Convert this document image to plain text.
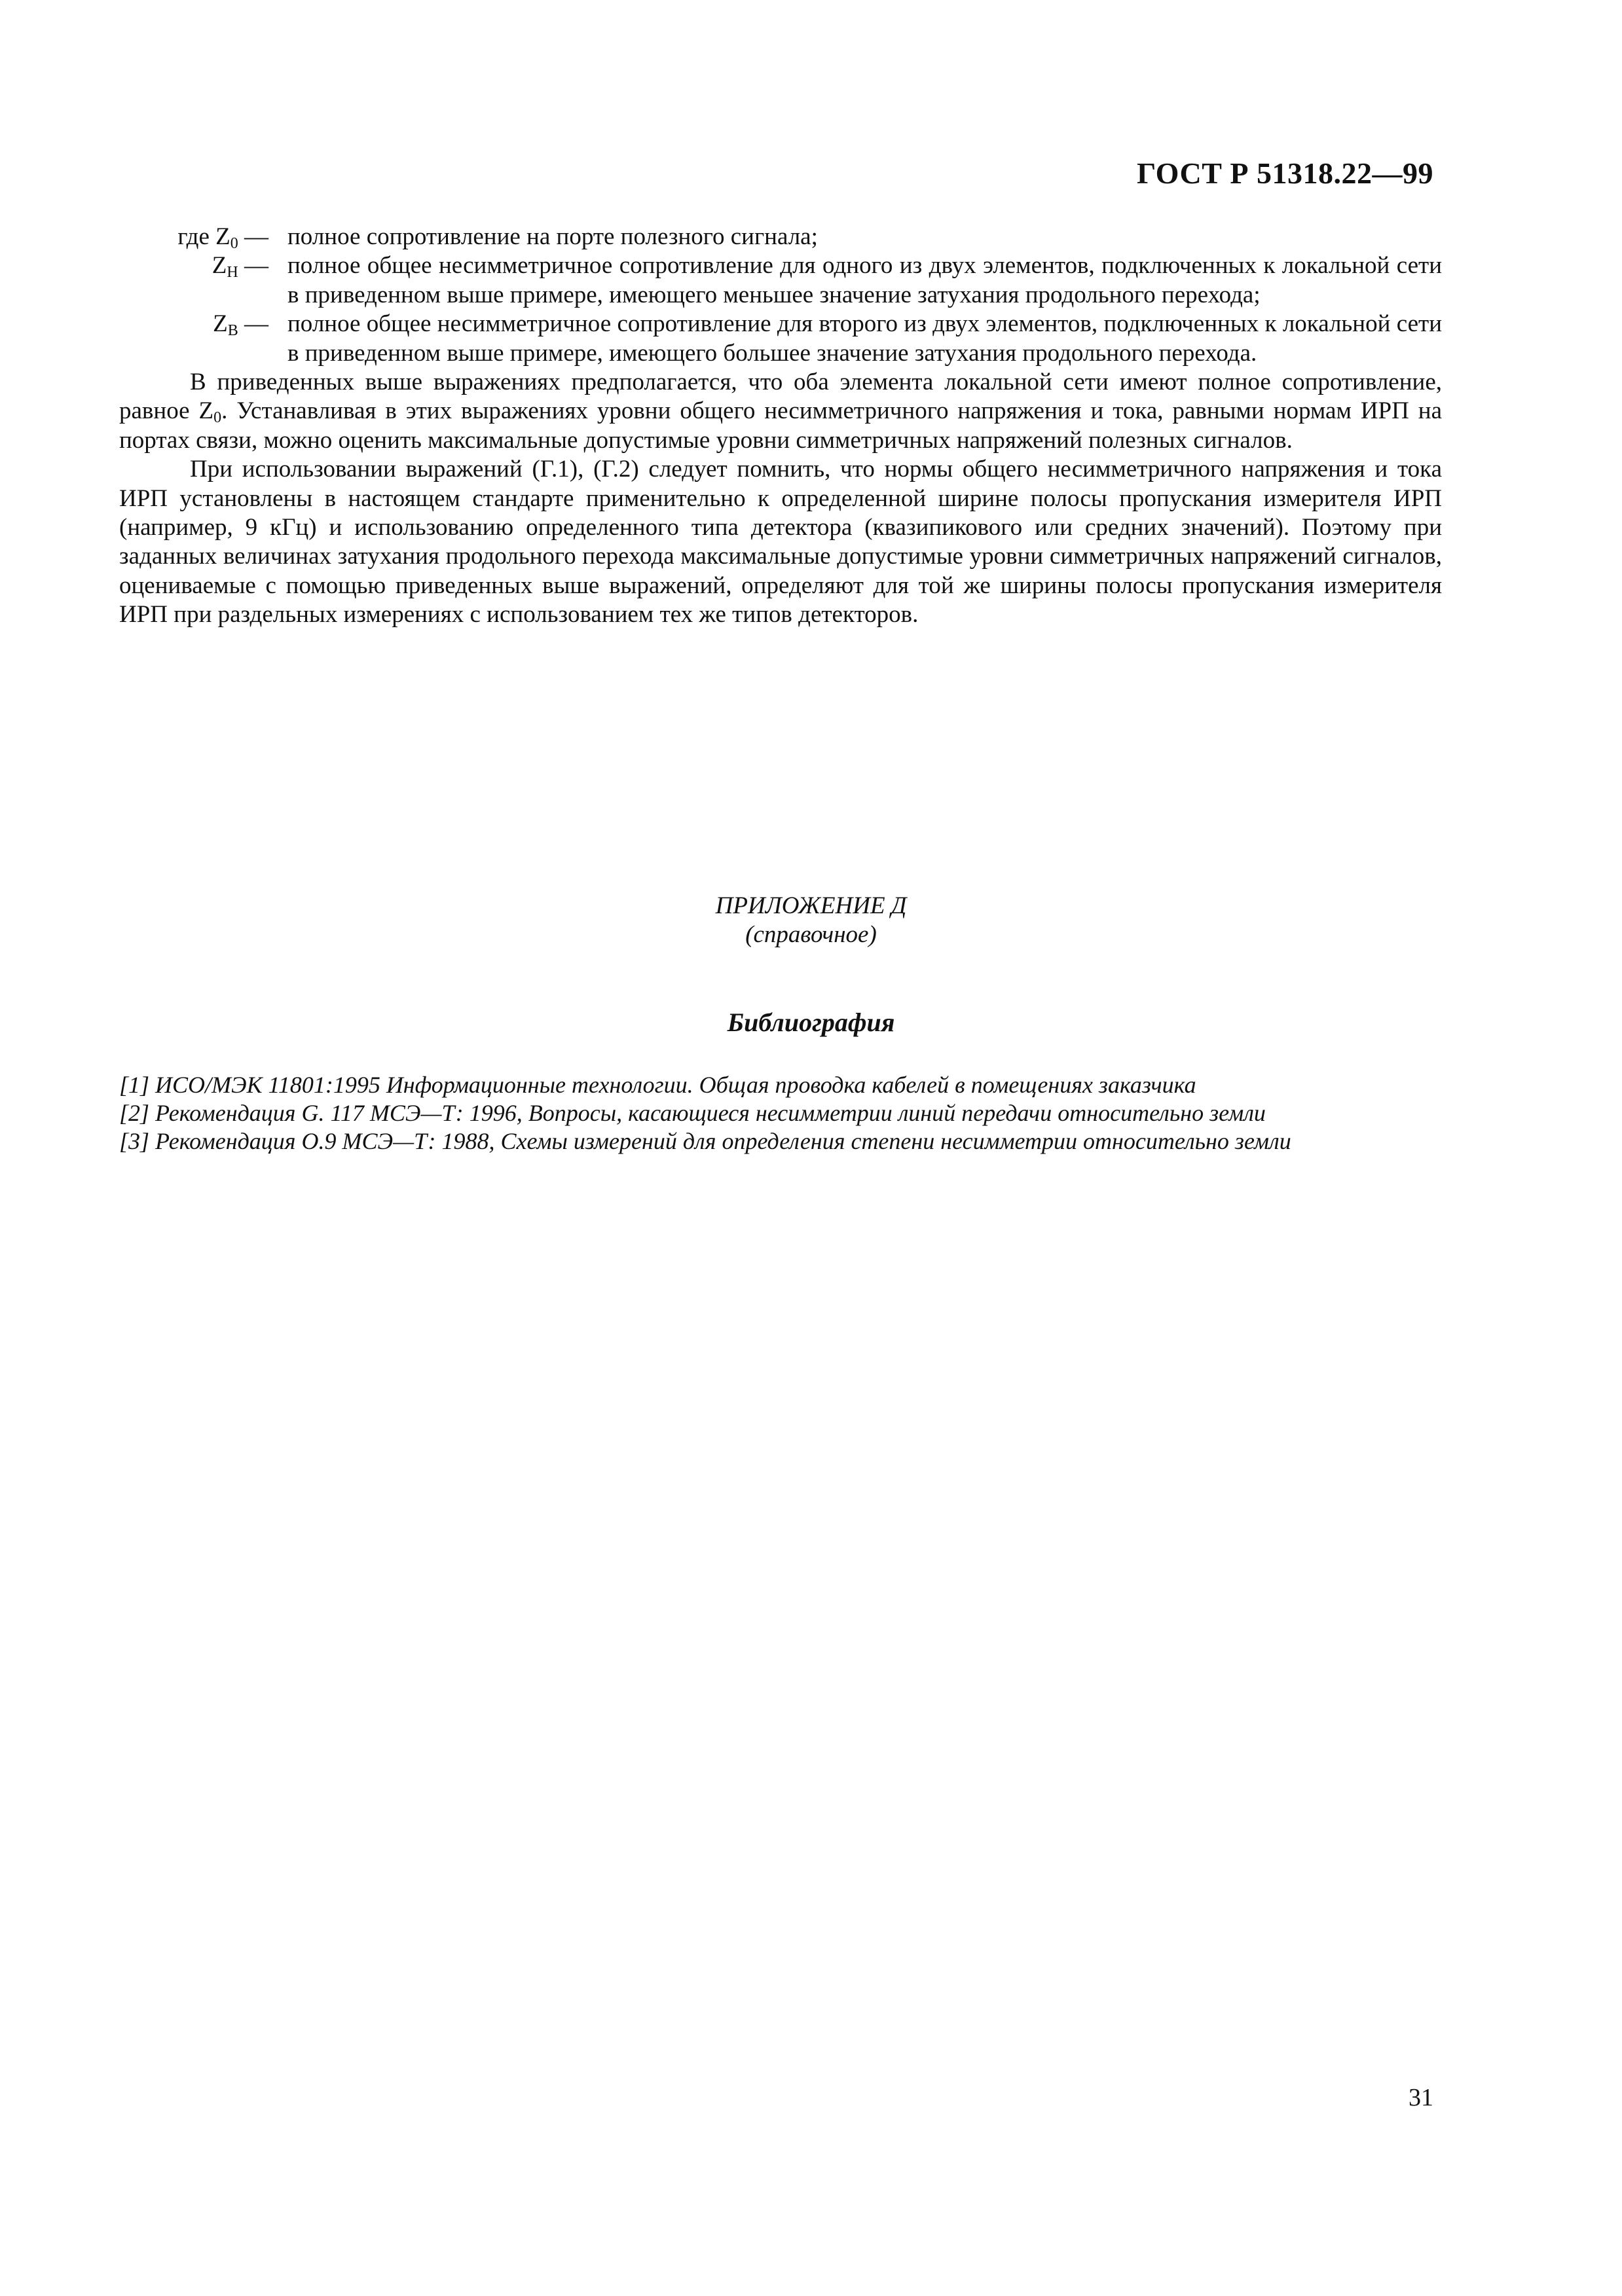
ГОСТ Р 51318.22—99

где $Z_0$ — полное сопротивление на порте полезного сигнала;

$Z_Н$ — полное общее несимметричное сопротивление для одного из двух элементов, подключенных к локальной сети в приведенном выше примере, имеющего меньшее значение затухания продольного перехода;

$Z_В$ — полное общее несимметричное сопротивление для второго из двух элементов, подключенных к локальной сети в приведенном выше примере, имеющего большее значение затухания продольного перехода.

В приведенных выше выражениях предполагается, что оба элемента локальной сети имеют полное сопротивление, равное $Z_0$. Устанавливая в этих выражениях уровни общего несимметричного напряжения и тока, равными нормам ИРП на портах связи, можно оценить максимальные допустимые уровни симметричных напряжений полезных сигналов.

При использовании выражений (Г.1), (Г.2) следует помнить, что нормы общего несимметричного напряжения и тока ИРП установлены в настоящем стандарте применительно к определенной ширине полосы пропускания измерителя ИРП (например, 9 кГц) и использованию определенного типа детектора (квазипикового или средних значений). Поэтому при заданных величинах затухания продольного перехода максимальные допустимые уровни симметричных напряжений сигналов, оцениваемые с помощью приведенных выше выражений, определяют для той же ширины полосы пропускания измерителя ИРП при раздельных измерениях с использованием тех же типов детекторов.

ПРИЛОЖЕНИЕ Д
(справочное)
Библиография

[1] ИСО/МЭК 11801:1995 Информационные технологии. Общая проводка кабелей в помещениях заказчика

[2] Рекомендация G. 117 МСЭ—Т: 1996, Вопросы, касающиеся несимметрии линий передачи относительно земли

[3] Рекомендация O.9 МСЭ—Т: 1988, Схемы измерений для определения степени несимметрии относительно земли

31
